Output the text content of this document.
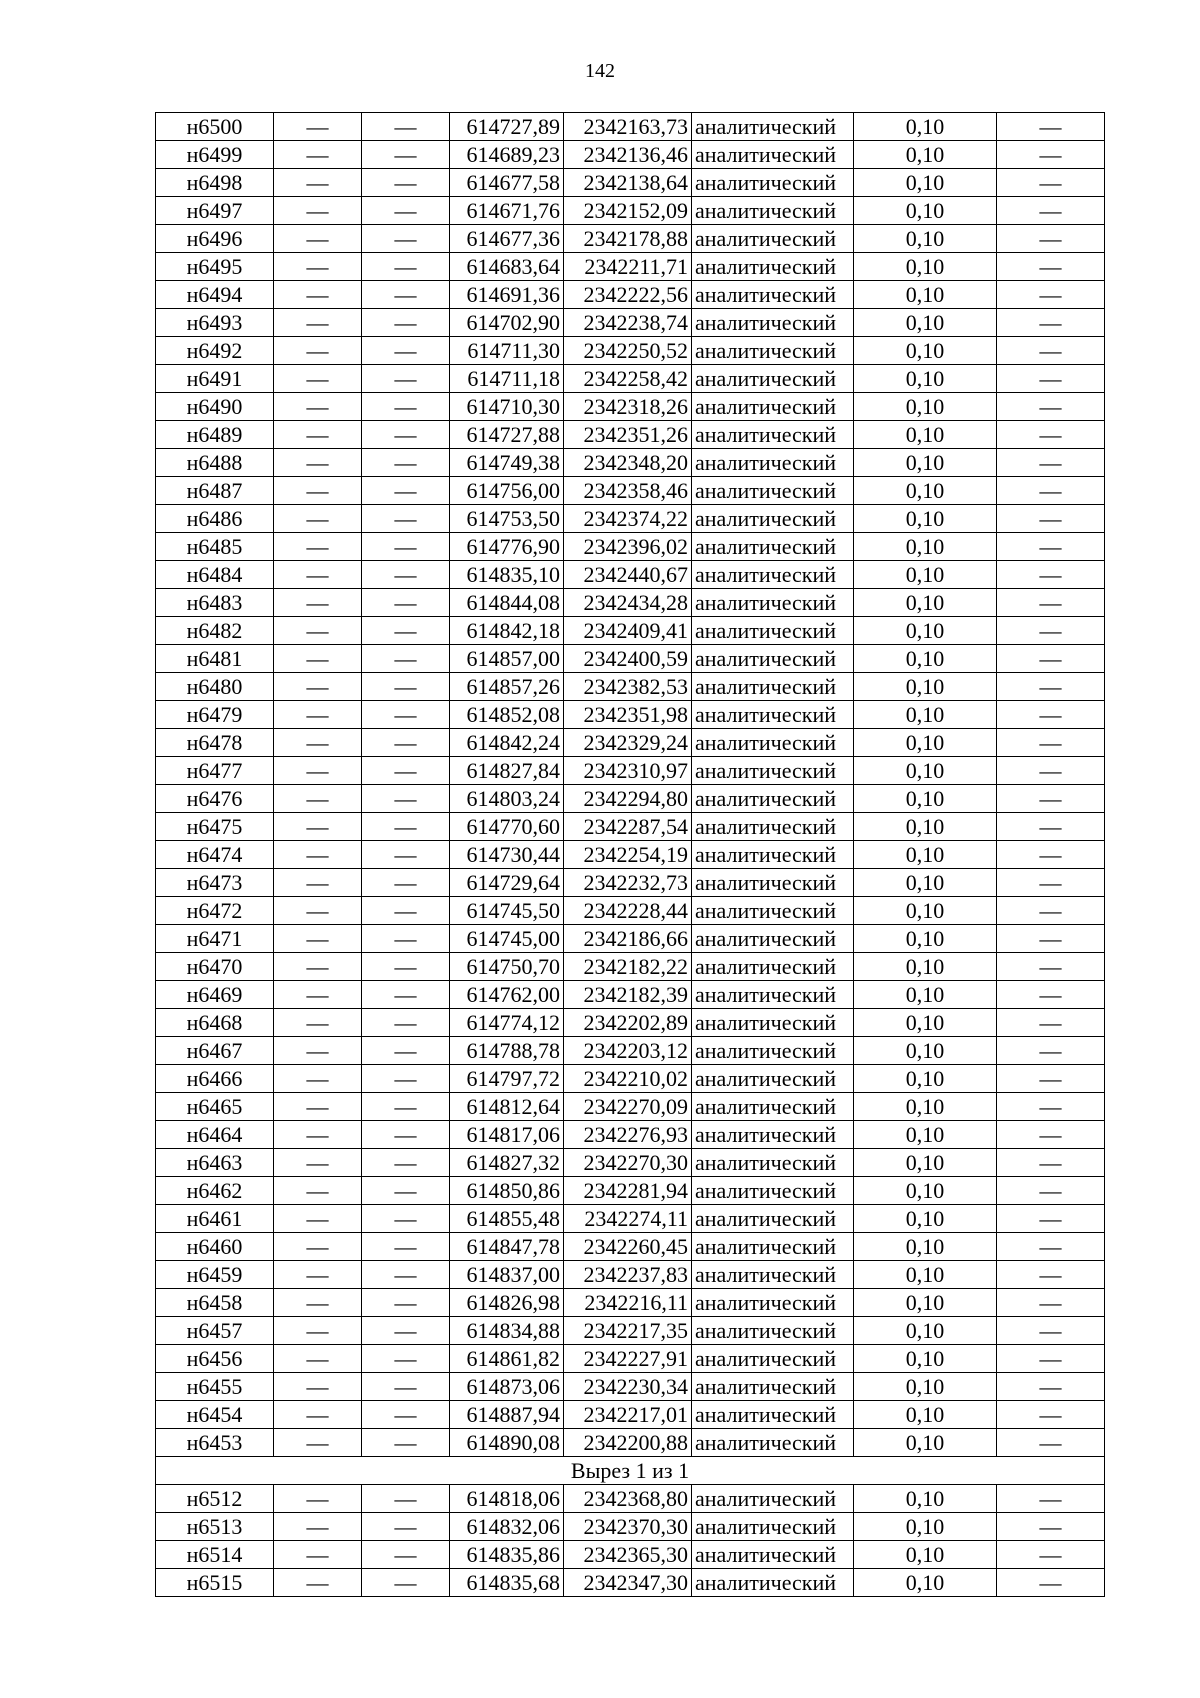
142
н6500	—	—	614727,89	2342163,73	аналитический	0,10	—
н6499	—	—	614689,23	2342136,46	аналитический	0,10	—
н6498	—	—	614677,58	2342138,64	аналитический	0,10	—
н6497	—	—	614671,76	2342152,09	аналитический	0,10	—
н6496	—	—	614677,36	2342178,88	аналитический	0,10	—
н6495	—	—	614683,64	2342211,71	аналитический	0,10	—
н6494	—	—	614691,36	2342222,56	аналитический	0,10	—
н6493	—	—	614702,90	2342238,74	аналитический	0,10	—
н6492	—	—	614711,30	2342250,52	аналитический	0,10	—
н6491	—	—	614711,18	2342258,42	аналитический	0,10	—
н6490	—	—	614710,30	2342318,26	аналитический	0,10	—
н6489	—	—	614727,88	2342351,26	аналитический	0,10	—
н6488	—	—	614749,38	2342348,20	аналитический	0,10	—
н6487	—	—	614756,00	2342358,46	аналитический	0,10	—
н6486	—	—	614753,50	2342374,22	аналитический	0,10	—
н6485	—	—	614776,90	2342396,02	аналитический	0,10	—
н6484	—	—	614835,10	2342440,67	аналитический	0,10	—
н6483	—	—	614844,08	2342434,28	аналитический	0,10	—
н6482	—	—	614842,18	2342409,41	аналитический	0,10	—
н6481	—	—	614857,00	2342400,59	аналитический	0,10	—
н6480	—	—	614857,26	2342382,53	аналитический	0,10	—
н6479	—	—	614852,08	2342351,98	аналитический	0,10	—
н6478	—	—	614842,24	2342329,24	аналитический	0,10	—
н6477	—	—	614827,84	2342310,97	аналитический	0,10	—
н6476	—	—	614803,24	2342294,80	аналитический	0,10	—
н6475	—	—	614770,60	2342287,54	аналитический	0,10	—
н6474	—	—	614730,44	2342254,19	аналитический	0,10	—
н6473	—	—	614729,64	2342232,73	аналитический	0,10	—
н6472	—	—	614745,50	2342228,44	аналитический	0,10	—
н6471	—	—	614745,00	2342186,66	аналитический	0,10	—
н6470	—	—	614750,70	2342182,22	аналитический	0,10	—
н6469	—	—	614762,00	2342182,39	аналитический	0,10	—
н6468	—	—	614774,12	2342202,89	аналитический	0,10	—
н6467	—	—	614788,78	2342203,12	аналитический	0,10	—
н6466	—	—	614797,72	2342210,02	аналитический	0,10	—
н6465	—	—	614812,64	2342270,09	аналитический	0,10	—
н6464	—	—	614817,06	2342276,93	аналитический	0,10	—
н6463	—	—	614827,32	2342270,30	аналитический	0,10	—
н6462	—	—	614850,86	2342281,94	аналитический	0,10	—
н6461	—	—	614855,48	2342274,11	аналитический	0,10	—
н6460	—	—	614847,78	2342260,45	аналитический	0,10	—
н6459	—	—	614837,00	2342237,83	аналитический	0,10	—
н6458	—	—	614826,98	2342216,11	аналитический	0,10	—
н6457	—	—	614834,88	2342217,35	аналитический	0,10	—
н6456	—	—	614861,82	2342227,91	аналитический	0,10	—
н6455	—	—	614873,06	2342230,34	аналитический	0,10	—
н6454	—	—	614887,94	2342217,01	аналитический	0,10	—
н6453	—	—	614890,08	2342200,88	аналитический	0,10	—
Вырез 1 из 1							
н6512	—	—	614818,06	2342368,80	аналитический	0,10	—
н6513	—	—	614832,06	2342370,30	аналитический	0,10	—
н6514	—	—	614835,86	2342365,30	аналитический	0,10	—
н6515	—	—	614835,68	2342347,30	аналитический	0,10	—
